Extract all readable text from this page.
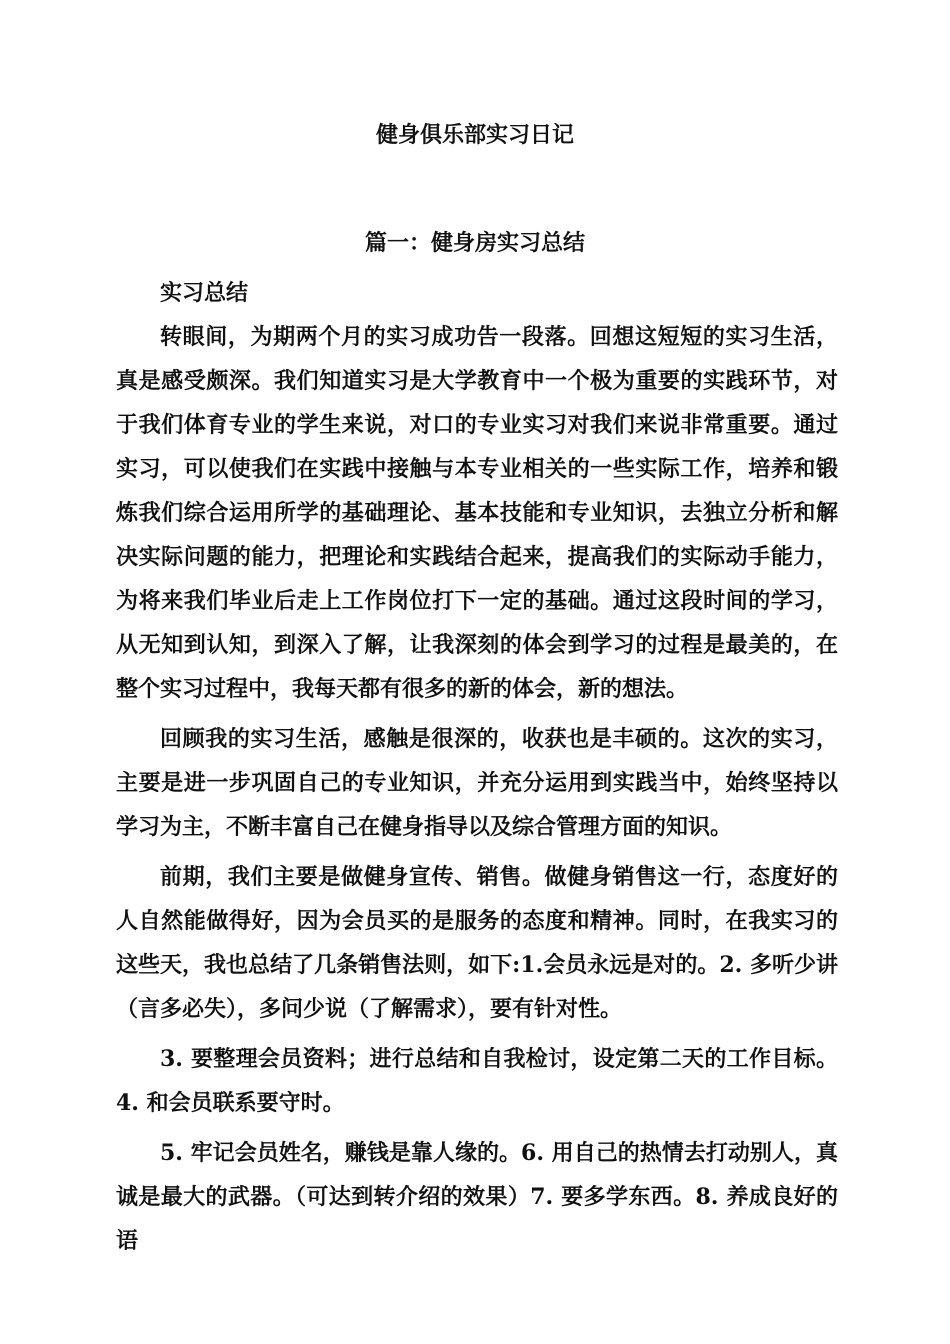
健身俱乐部实习日记
篇一：健身房实习总结

实习总结

转眼间，为期两个月的实习成功告一段落。回想这短短的实习生活，真是感受颇深。我们知道实习是大学教育中一个极为重要的实践环节，对于我们体育专业的学生来说，对口的专业实习对我们来说非常重要。通过实习，可以使我们在实践中接触与本专业相关的一些实际工作，培养和锻炼我们综合运用所学的基础理论、基本技能和专业知识，去独立分析和解决实际问题的能力，把理论和实践结合起来，提高我们的实际动手能力，为将来我们毕业后走上工作岗位打下一定的基础。通过这段时间的学习，从无知到认知，到深入了解，让我深刻的体会到学习的过程是最美的，在整个实习过程中，我每天都有很多的新的体会，新的想法。

回顾我的实习生活，感触是很深的，收获也是丰硕的。这次的实习，主要是进一步巩固自己的专业知识，并充分运用到实践当中，始终坚持以学习为主，不断丰富自己在健身指导以及综合管理方面的知识。

前期，我们主要是做健身宣传、销售。做健身销售这一行，态度好的人自然能做得好，因为会员买的是服务的态度和精神。同时，在我实习的这些天，我也总结了几条销售法则，如下:1.会员永远是对的。2. 多听少讲（言多必失），多问少说（了解需求），要有针对性。

3. 要整理会员资料；进行总结和自我检讨，设定第二天的工作目标。4. 和会员联系要守时。

5. 牢记会员姓名，赚钱是靠人缘的。6. 用自己的热情去打动别人，真诚是最大的武器。（可达到转介绍的效果）7. 要多学东西。8. 养成良好的语
